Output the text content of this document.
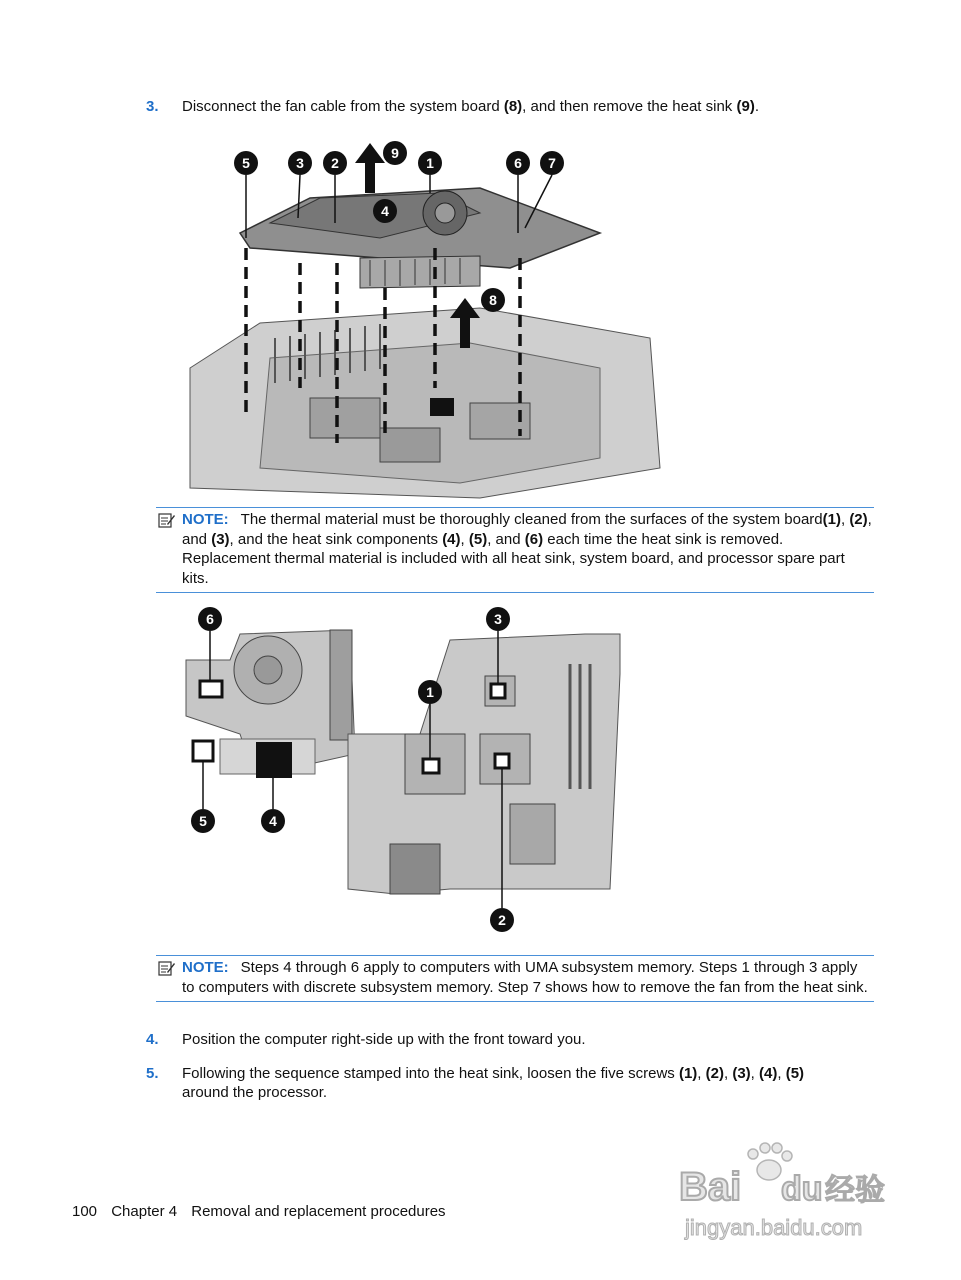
3. Disconnect the fan cable from the system board (8), and then remove the heat sink (9).
5	3 2
9
1	6 7
4
8
NOTE: The thermal material must be thoroughly cleaned from the surfaces of the system board(1), (2), and (3), and the heat sink components (4), (5), and (6) each time the heat sink is removed. Replacement thermal material is included with all heat sink, system board, and processor spare part kits.
6	3
1
5	4
2
NOTE: Steps 4 through 6 apply to computers with UMA subsystem memory. Steps 1 through 3 apply to computers with discrete subsystem memory. Step 7 shows how to remove the fan from the heat sink.
4. Position the computer right-side up with the front toward you.
5. Following the sequence stamped into the heat sink, loosen the five screws (1), (2), (3), (4), (5)
around the processor.
100 Chapter 4 Removal and replacement procedures
Bai du 经验
jingyan.baidu.com
